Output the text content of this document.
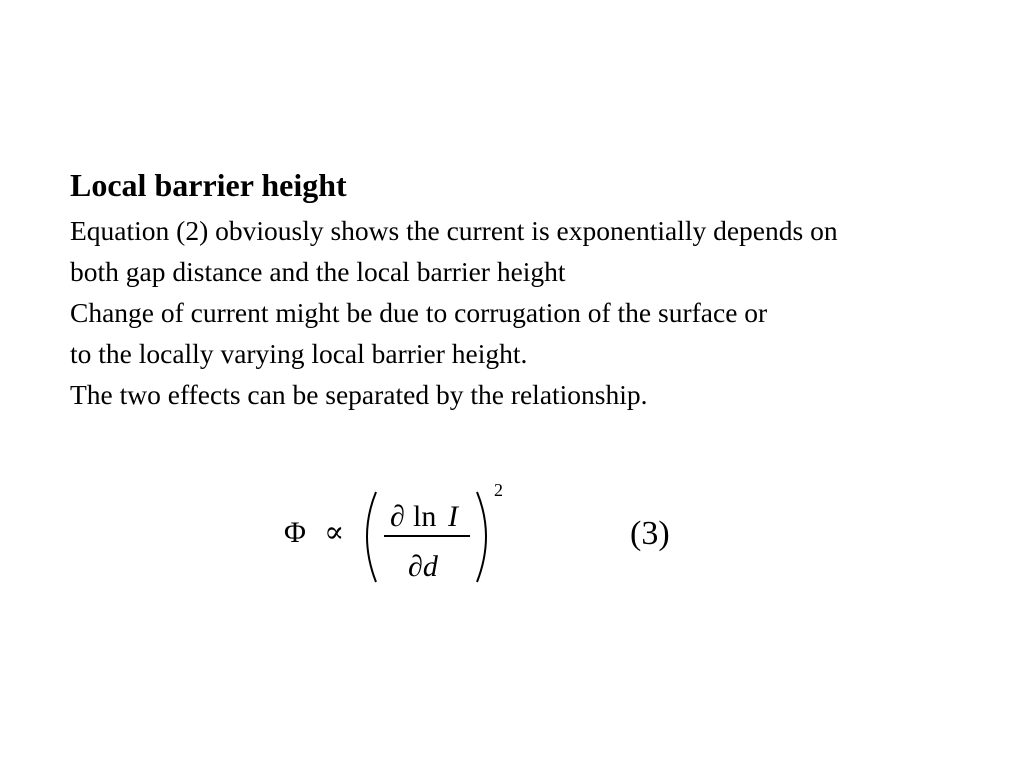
Local barrier height
Equation (2) obviously shows the current is exponentially depends on
both gap distance and the local barrier height
Change of current might be due to corrugation of the surface or
to the locally varying local barrier height.
The two effects can be separated by the relationship.
Φ ∝ ∂ ln I
∂d
2
(3)
